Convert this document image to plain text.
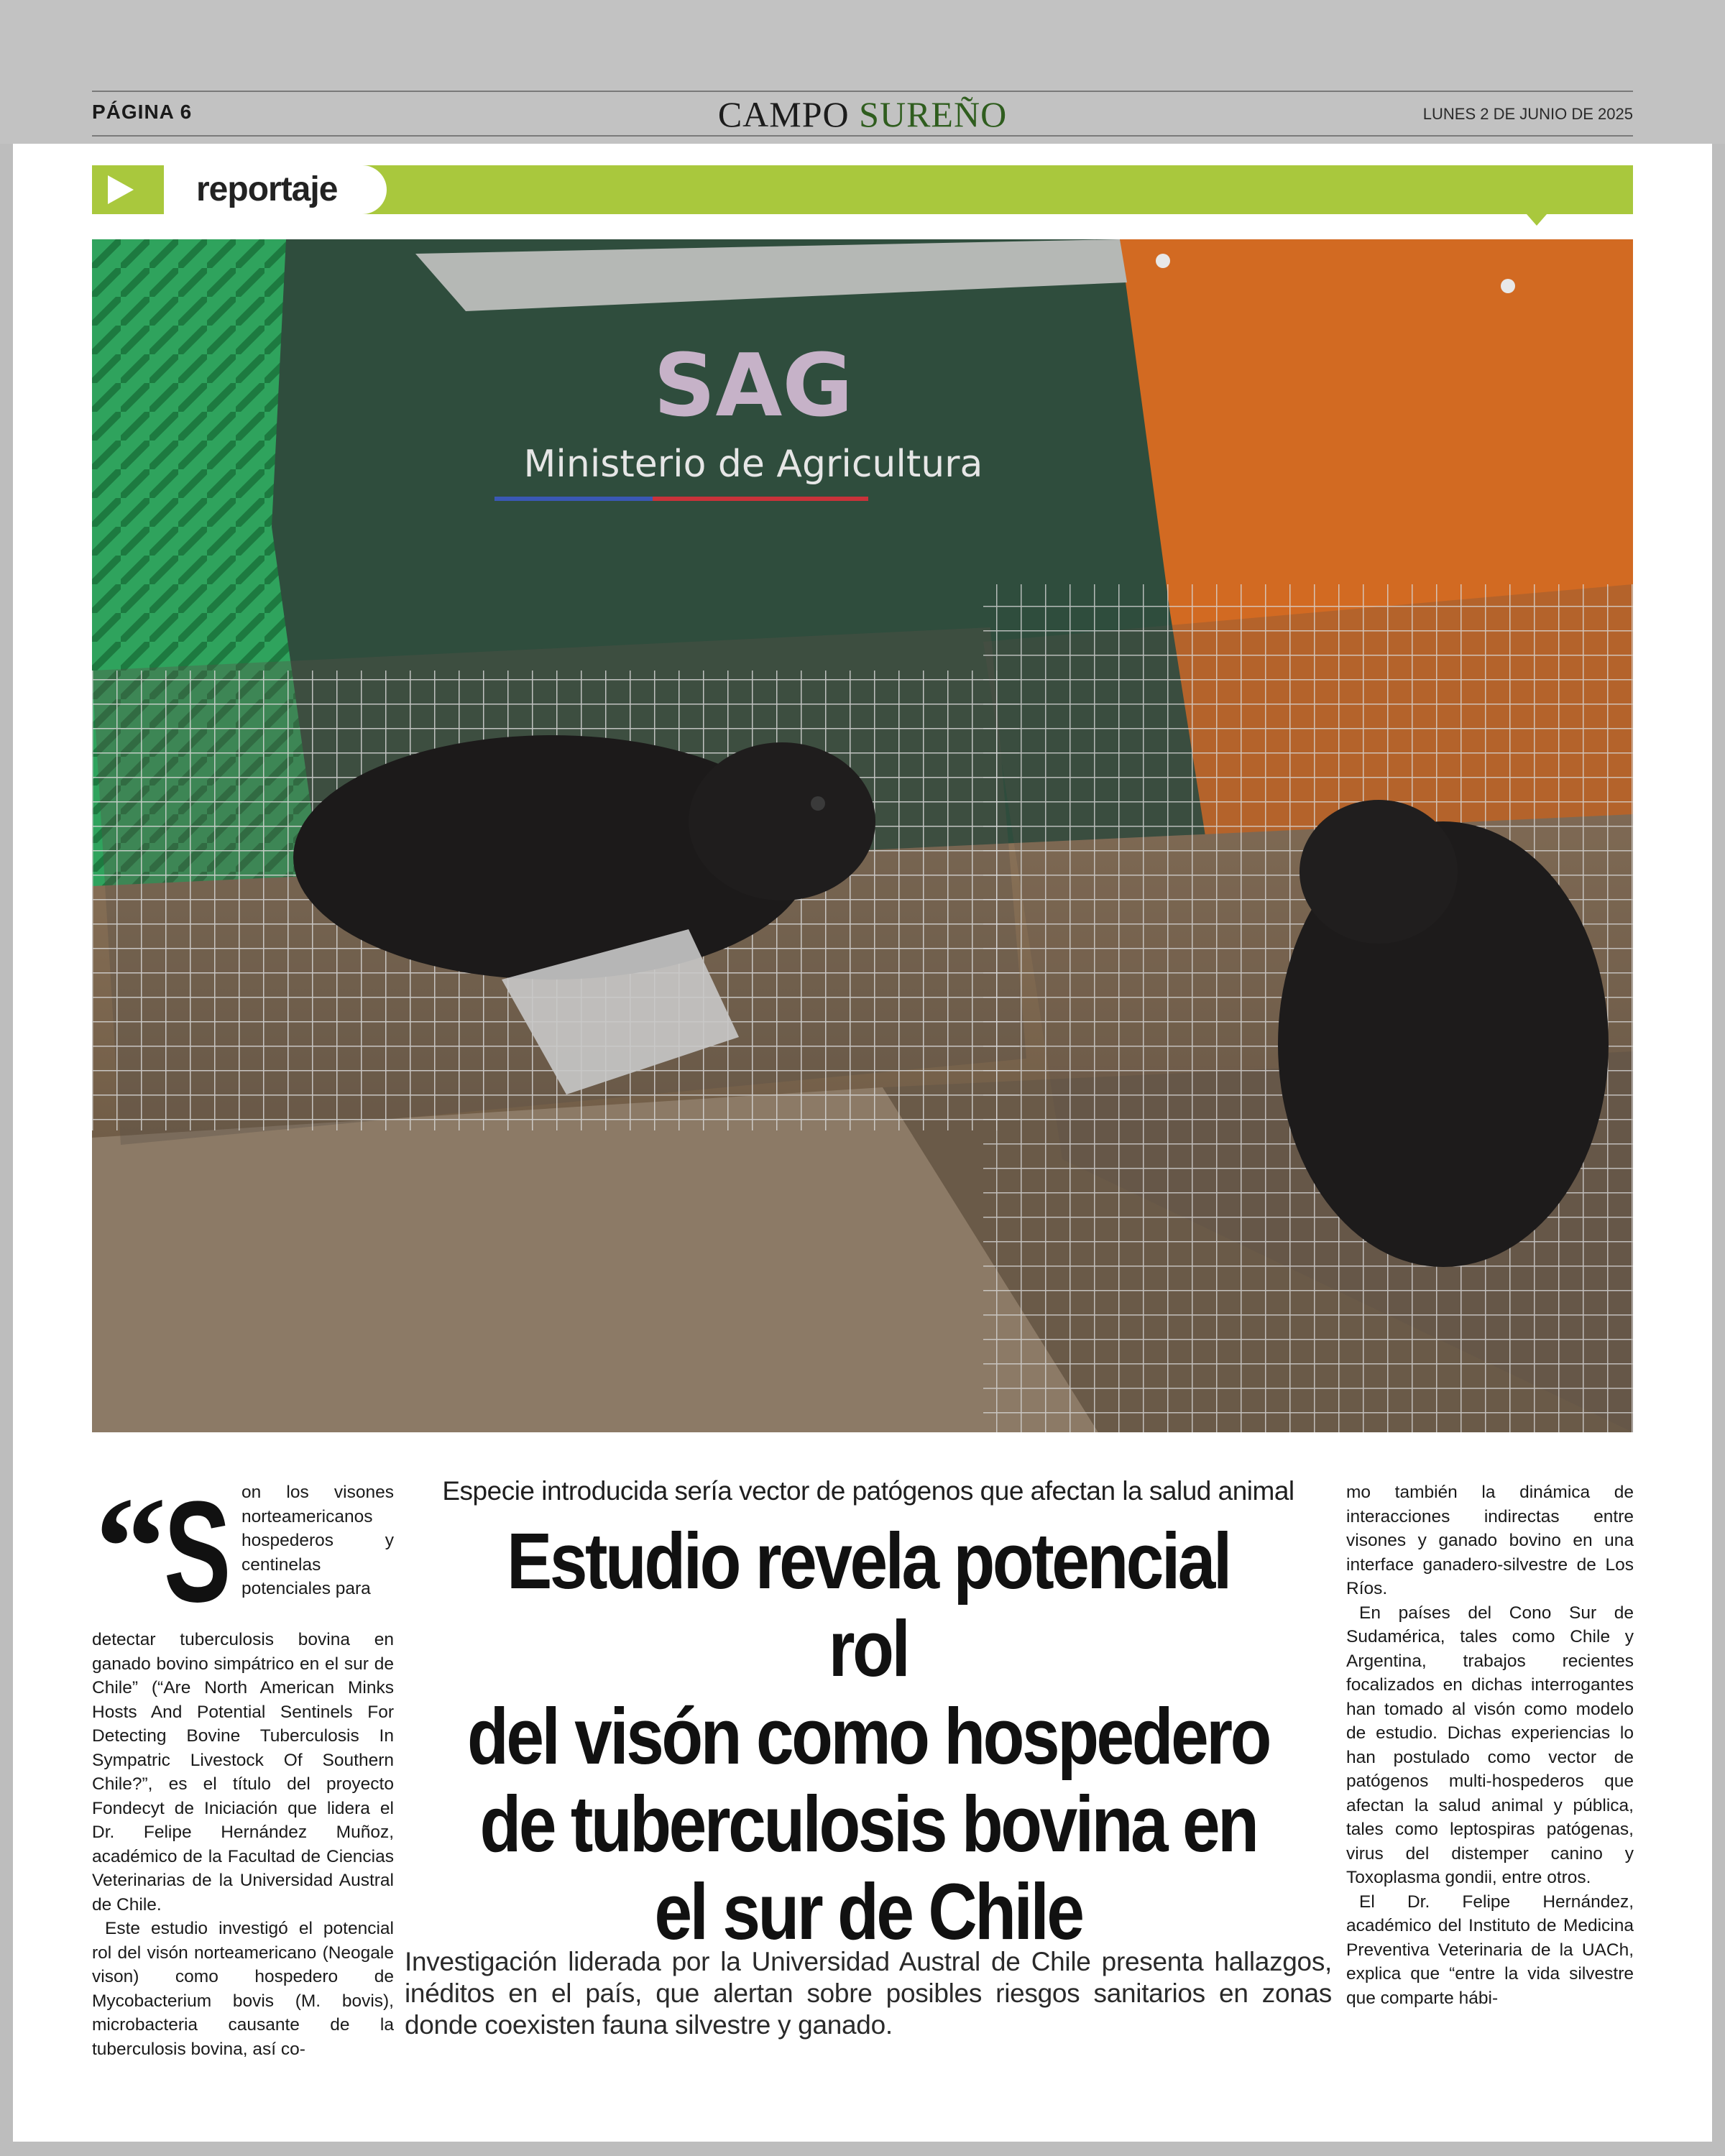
PÁGINA 6	CAMPO SUREÑO	LUNES 2 DE JUNIO DE 2025
reportaje
SAG
Ministerio de Agricultura
“ S on los visones norteamericanos hospederos y centinelas potenciales para

detectar tuberculosis bovina en ganado bovino simpátrico en el sur de Chile” (“Are North American Minks Hosts And Potential Sentinels For Detecting Bovine Tuberculosis In Sympatric Livestock Of Southern Chile?”, es el título del proyecto Fondecyt de Iniciación que lidera el Dr. Felipe Hernández Muñoz, académico de la Facultad de Ciencias Veterinarias de la Universidad Austral de Chile.

Este estudio investigó el potencial rol del visón norteamericano (Neogale vison) como hospedero de Mycobacterium bovis (M. bovis), microbacteria causante de la tuberculosis bovina, así co-

Especie introducida sería vector de patógenos que afectan la salud animal
Estudio revela potencial rol
del visón como hospedero
de tuberculosis bovina en
el sur de Chile
Investigación liderada por la Universidad Austral de Chile presenta hallazgos, inéditos en el país, que alertan sobre posibles riesgos sanitarios en zonas donde coexisten fauna silvestre y ganado.

mo también la dinámica de interacciones indirectas entre visones y ganado bovino en una interface ganadero-silvestre de Los Ríos.

En países del Cono Sur de Sudamérica, tales como Chile y Argentina, trabajos recientes focalizados en dichas interrogantes han tomado al visón como modelo de estudio. Dichas experiencias lo han postulado como vector de patógenos multi-hospederos que afectan la salud animal y pública, tales como leptospiras patógenas, virus del distemper canino y Toxoplasma gondii, entre otros.

El Dr. Felipe Hernández, académico del Instituto de Medicina Preventiva Veterinaria de la UACh, explica que “entre la vida silvestre que comparte hábi-
